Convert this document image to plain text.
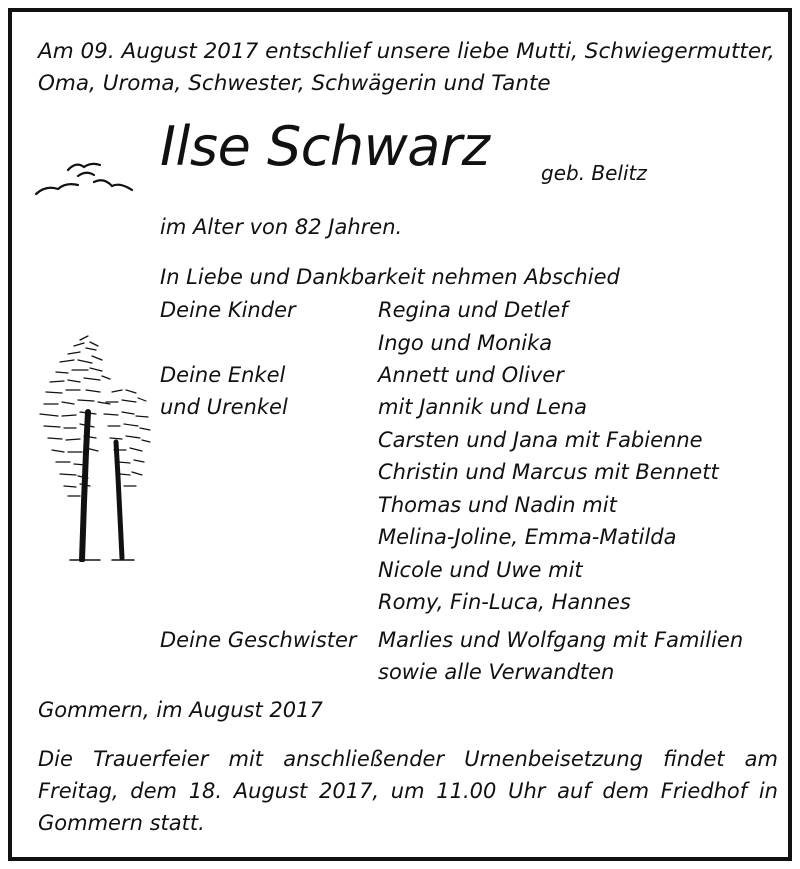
Am 09. August 2017 entschlief unsere liebe Mutti, Schwiegermutter, Oma, Uroma, Schwester, Schwägerin und Tante

Ilse Schwarz	geb. Belitz

im Alter von 82 Jahren.

In Liebe und Dankbarkeit nehmen Abschied

Deine Kinder

Deine Enkel

und Urenkel

Deine Geschwister

Regina und Detlef

Ingo und Monika

Annett und Oliver

mit Jannik und Lena

Carsten und Jana mit Fabienne

Christin und Marcus mit Bennett

Thomas und Nadin mit

Melina-Joline, Emma-Matilda

Nicole und Uwe mit

Romy, Fin-Luca, Hannes

Marlies und Wolfgang mit Familien

sowie alle Verwandten

Gommern, im August 2017

Die Trauerfeier mit anschließender Urnenbeisetzung findet am Freitag, dem 18. August 2017, um 11.00 Uhr auf dem Friedhof in Gommern statt.
